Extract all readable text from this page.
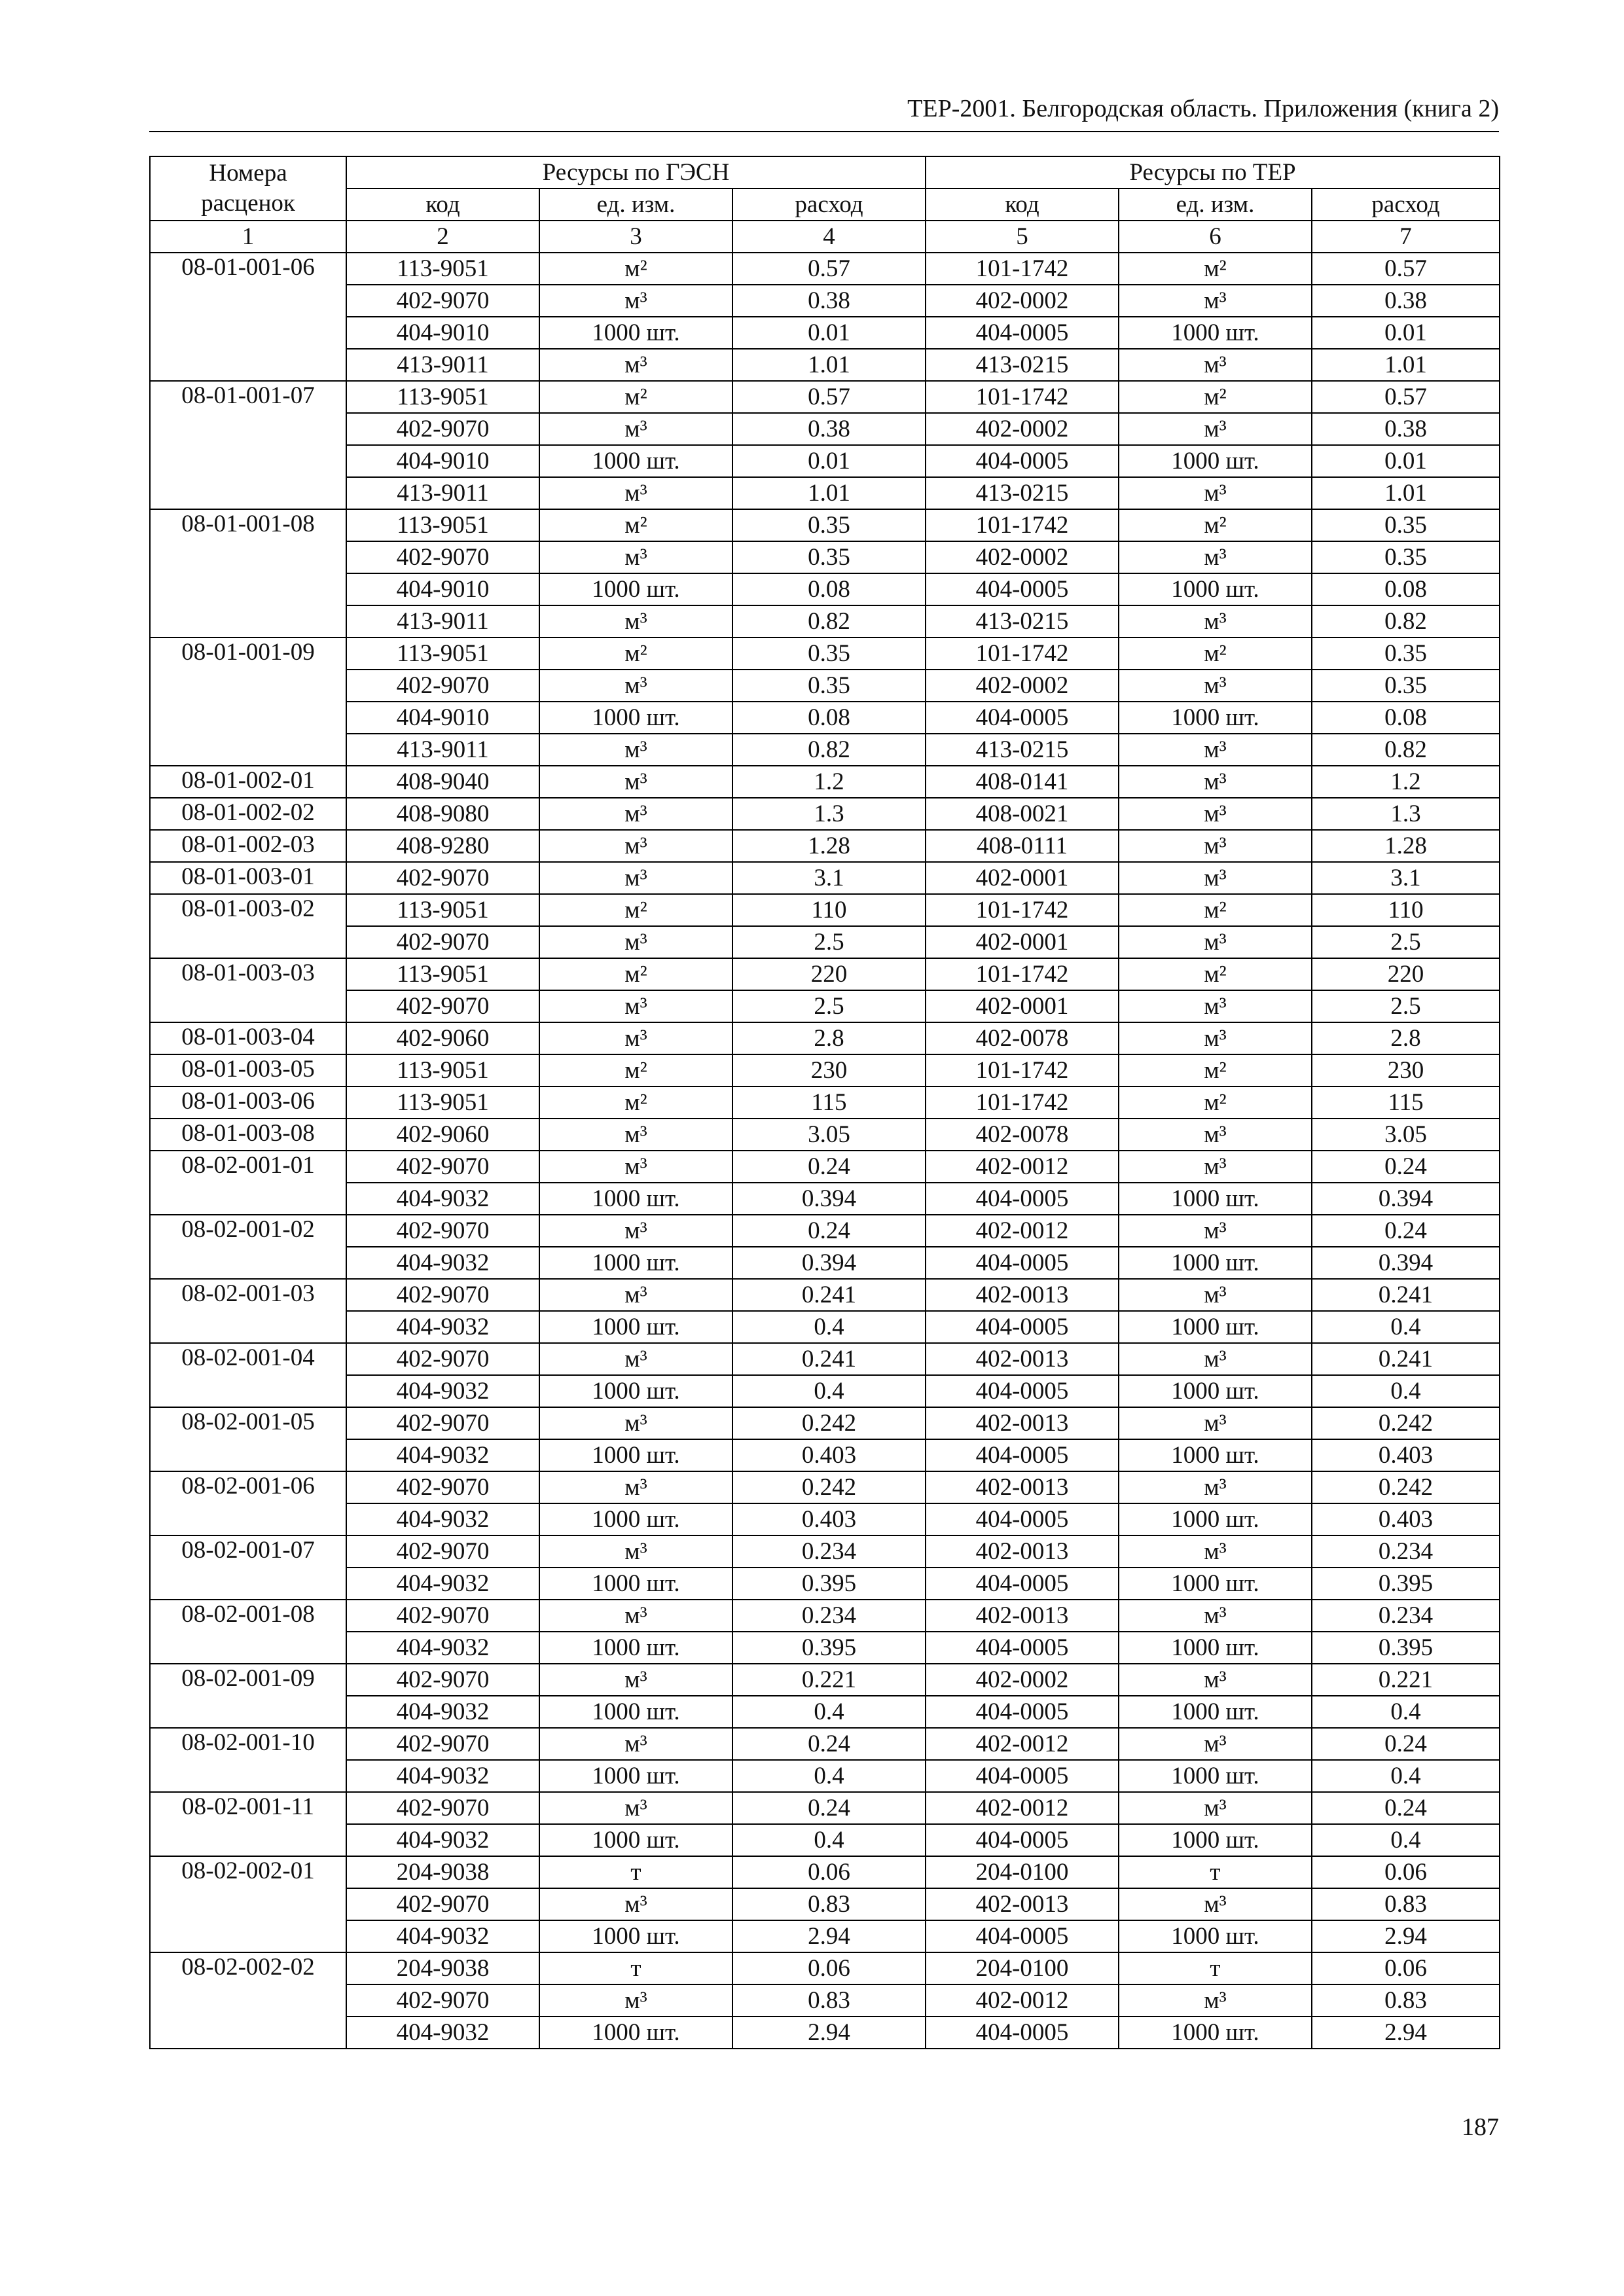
ТЕР-2001. Белгородская область. Приложения (книга 2)
Номера расценок	Ресурсы по ГЭСН			Ресурсы по ТЕР		
	код	ед. изм.	расход	код	ед. изм.	расход
1	2	3	4	5	6	7
08-01-001-06	113-9051	м²	0.57	101-1742	м²	0.57
	402-9070	м³	0.38	402-0002	м³	0.38
	404-9010	1000 шт.	0.01	404-0005	1000 шт.	0.01
	413-9011	м³	1.01	413-0215	м³	1.01
08-01-001-07	113-9051	м²	0.57	101-1742	м²	0.57
	402-9070	м³	0.38	402-0002	м³	0.38
	404-9010	1000 шт.	0.01	404-0005	1000 шт.	0.01
	413-9011	м³	1.01	413-0215	м³	1.01
08-01-001-08	113-9051	м²	0.35	101-1742	м²	0.35
	402-9070	м³	0.35	402-0002	м³	0.35
	404-9010	1000 шт.	0.08	404-0005	1000 шт.	0.08
	413-9011	м³	0.82	413-0215	м³	0.82
08-01-001-09	113-9051	м²	0.35	101-1742	м²	0.35
	402-9070	м³	0.35	402-0002	м³	0.35
	404-9010	1000 шт.	0.08	404-0005	1000 шт.	0.08
	413-9011	м³	0.82	413-0215	м³	0.82
08-01-002-01	408-9040	м³	1.2	408-0141	м³	1.2
08-01-002-02	408-9080	м³	1.3	408-0021	м³	1.3
08-01-002-03	408-9280	м³	1.28	408-0111	м³	1.28
08-01-003-01	402-9070	м³	3.1	402-0001	м³	3.1
08-01-003-02	113-9051	м²	110	101-1742	м²	110
	402-9070	м³	2.5	402-0001	м³	2.5
08-01-003-03	113-9051	м²	220	101-1742	м²	220
	402-9070	м³	2.5	402-0001	м³	2.5
08-01-003-04	402-9060	м³	2.8	402-0078	м³	2.8
08-01-003-05	113-9051	м²	230	101-1742	м²	230
08-01-003-06	113-9051	м²	115	101-1742	м²	115
08-01-003-08	402-9060	м³	3.05	402-0078	м³	3.05
08-02-001-01	402-9070	м³	0.24	402-0012	м³	0.24
	404-9032	1000 шт.	0.394	404-0005	1000 шт.	0.394
08-02-001-02	402-9070	м³	0.24	402-0012	м³	0.24
	404-9032	1000 шт.	0.394	404-0005	1000 шт.	0.394
08-02-001-03	402-9070	м³	0.241	402-0013	м³	0.241
	404-9032	1000 шт.	0.4	404-0005	1000 шт.	0.4
08-02-001-04	402-9070	м³	0.241	402-0013	м³	0.241
	404-9032	1000 шт.	0.4	404-0005	1000 шт.	0.4
08-02-001-05	402-9070	м³	0.242	402-0013	м³	0.242
	404-9032	1000 шт.	0.403	404-0005	1000 шт.	0.403
08-02-001-06	402-9070	м³	0.242	402-0013	м³	0.242
	404-9032	1000 шт.	0.403	404-0005	1000 шт.	0.403
08-02-001-07	402-9070	м³	0.234	402-0013	м³	0.234
	404-9032	1000 шт.	0.395	404-0005	1000 шт.	0.395
08-02-001-08	402-9070	м³	0.234	402-0013	м³	0.234
	404-9032	1000 шт.	0.395	404-0005	1000 шт.	0.395
08-02-001-09	402-9070	м³	0.221	402-0002	м³	0.221
	404-9032	1000 шт.	0.4	404-0005	1000 шт.	0.4
08-02-001-10	402-9070	м³	0.24	402-0012	м³	0.24
	404-9032	1000 шт.	0.4	404-0005	1000 шт.	0.4
08-02-001-11	402-9070	м³	0.24	402-0012	м³	0.24
	404-9032	1000 шт.	0.4	404-0005	1000 шт.	0.4
08-02-002-01	204-9038	т	0.06	204-0100	т	0.06
	402-9070	м³	0.83	402-0013	м³	0.83
	404-9032	1000 шт.	2.94	404-0005	1000 шт.	2.94
08-02-002-02	204-9038	т	0.06	204-0100	т	0.06
	402-9070	м³	0.83	402-0012	м³	0.83
	404-9032	1000 шт.	2.94	404-0005	1000 шт.	2.94
187
